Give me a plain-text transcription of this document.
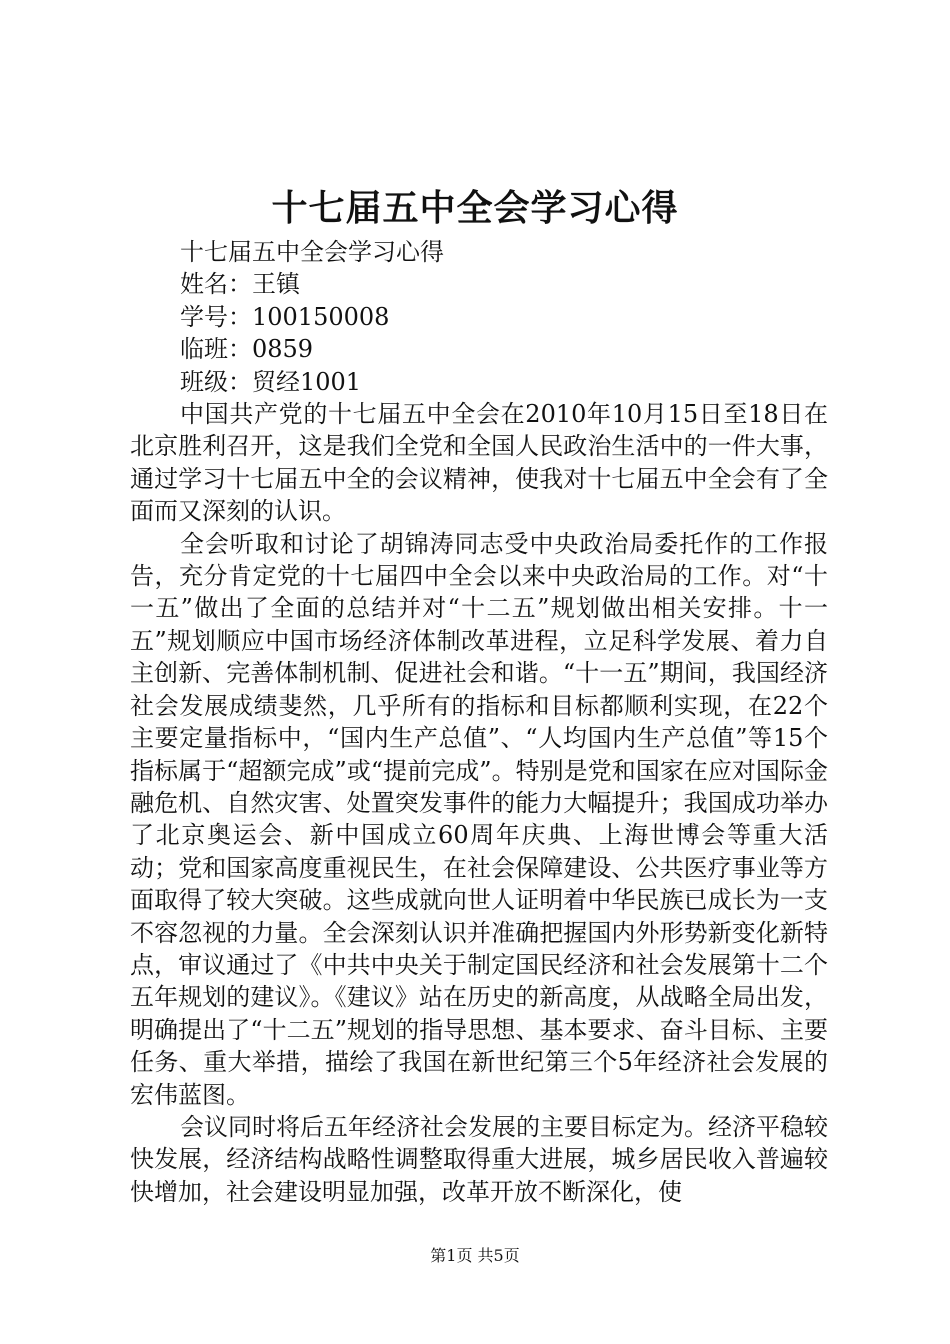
十七届五中全会学习心得

十七届五中全会学习心得

姓名：王镇

学号：100150008

临班：0859

班级：贸经1001

中国共产党的十七届五中全会在2010年10月15日至18日在北京胜利召开，这是我们全党和全国人民政治生活中的一件大事，通过学习十七届五中全的会议精神，使我对十七届五中全会有了全面而又深刻的认识。

全会听取和讨论了胡锦涛同志受中央政治局委托作的工作报告，充分肯定党的十七届四中全会以来中央政治局的工作。对“十一五”做出了全面的总结并对“十二五”规划做出相关安排。十一五”规划顺应中国市场经济体制改革进程，立足科学发展、着力自主创新、完善体制机制、促进社会和谐。“十一五”期间，我国经济社会发展成绩斐然，几乎所有的指标和目标都顺利实现，在22个主要定量指标中，“国内生产总值”、“人均国内生产总值”等15个指标属于“超额完成”或“提前完成”。特别是党和国家在应对国际金融危机、自然灾害、处置突发事件的能力大幅提升；我国成功举办了北京奥运会、新中国成立60周年庆典、上海世博会等重大活动；党和国家高度重视民生，在社会保障建设、公共医疗事业等方面取得了较大突破。这些成就向世人证明着中华民族已成长为一支不容忽视的力量。全会深刻认识并准确把握国内外形势新变化新特点，审议通过了《中共中央关于制定国民经济和社会发展第十二个五年规划的建议》。《建议》站在历史的新高度，从战略全局出发，明确提出了“十二五”规划的指导思想、基本要求、奋斗目标、主要任务、重大举措，描绘了我国在新世纪第三个5年经济社会发展的宏伟蓝图。

会议同时将后五年经济社会发展的主要目标定为。经济平稳较快发展，经济结构战略性调整取得重大进展，城乡居民收入普遍较快增加，社会建设明显加强，改革开放不断深化，使

第1页 共5页
